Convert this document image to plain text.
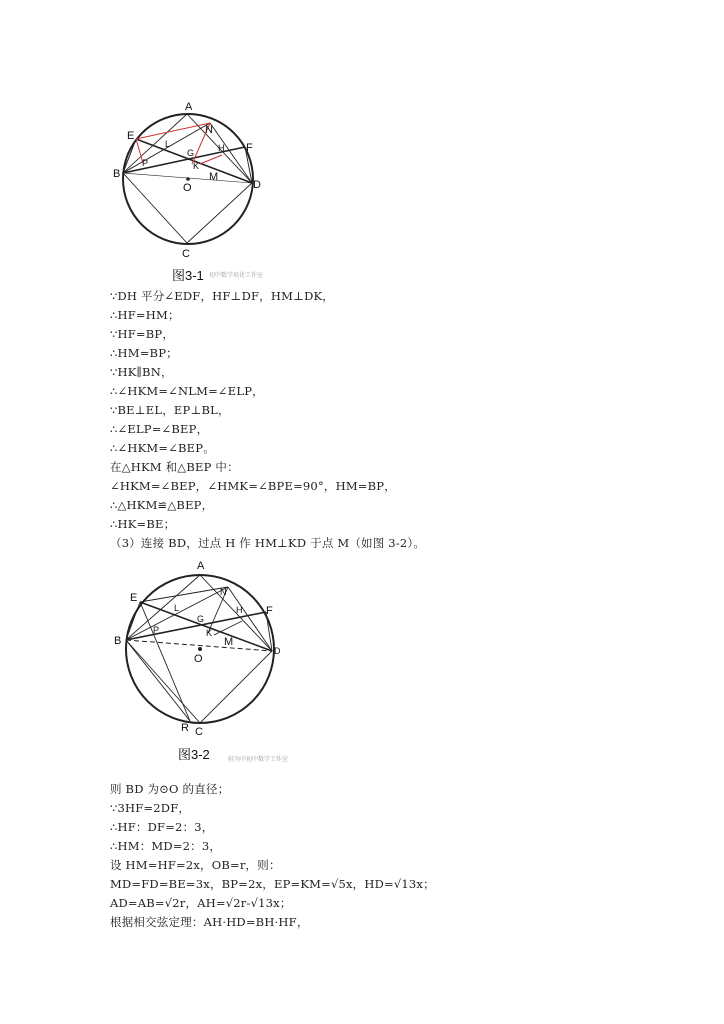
A
E	N
F
L
G	H
P	K
M
B
D
O
C
图3-1 初中数学培优工作室
∵DH 平分∠EDF，HF⊥DF，HM⊥DK，
∴HF=HM；
∵HF=BP，
∴HM=BP；
∵HK∥BN，
∴∠HKM=∠NLM=∠ELP，
∵BE⊥EL，EP⊥BL，
∴∠ELP=∠BEP，
∴∠HKM=∠BEP。
在△HKM 和△BEP 中：
∠HKM=∠BEP，∠HMK=∠BPE=90°，HM=BP，
∴△HKM≌△BEP，
∴HK=BE；
（3）连接 BD，过点 H 作 HM⊥KD 于点 M（如图 3-2）。
A
E	N
F
L
G
H
P	K
M
B
D
O
R C
图3-2	轻为中初中数学工作室
则 BD 为⊙O 的直径；
∵3HF=2DF，
∴HF：DF=2：3，
∴HM：MD=2：3，
设 HM=HF=2x，OB=r，则：
MD=FD=BE=3x，BP=2x，EP=KM=√5x，HD=√13x；
AD=AB=√2r，AH=√2r-√13x；
根据相交弦定理：AH·HD=BH·HF，
